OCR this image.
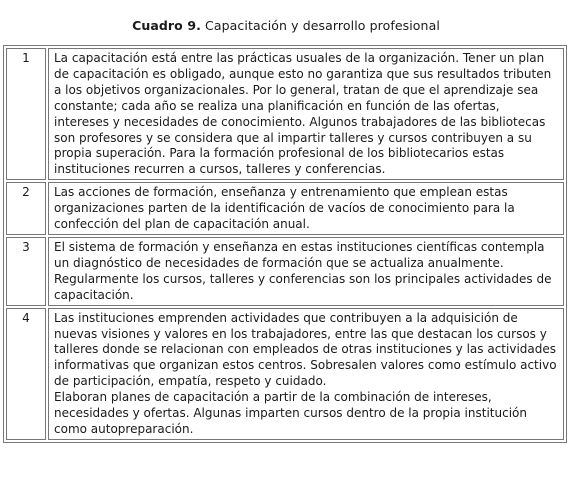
Cuadro 9. Capacitación y desarrollo profesional
1	La capacitación está entre las prácticas usuales de la organización. Tener un plan de capacitación es obligado, aunque esto no garantiza que sus resultados tributen a los objetivos organizacionales. Por lo general, tratan de que el aprendizaje sea constante; cada año se realiza una planificación en función de las ofertas, intereses y necesidades de conocimiento. Algunos trabajadores de las bibliotecas son profesores y se considera que al impartir talleres y cursos contribuyen a su propia superación. Para la formación profesional de los bibliotecarios estas instituciones recurren a cursos, talleres y conferencias.

2	Las acciones de formación, enseñanza y entrenamiento que emplean estas organizaciones parten de la identificación de vacíos de conocimiento para la confección del plan de capacitación anual.

3	El sistema de formación y enseñanza en estas instituciones científicas contempla un diagnóstico de necesidades de formación que se actualiza anualmente. Regularmente los cursos, talleres y conferencias son los principales actividades de capacitación.

4	Las instituciones emprenden actividades que contribuyen a la adquisición de nuevas visiones y valores en los trabajadores, entre las que destacan los cursos y talleres donde se relacionan con empleados de otras instituciones y las actividades informativas que organizan estos centros. Sobresalen valores como estímulo activo de participación, empatía, respeto y cuidado.
Elaboran planes de capacitación a partir de la combinación de intereses, necesidades y ofertas. Algunas imparten cursos dentro de la propia institución como autopreparación.
